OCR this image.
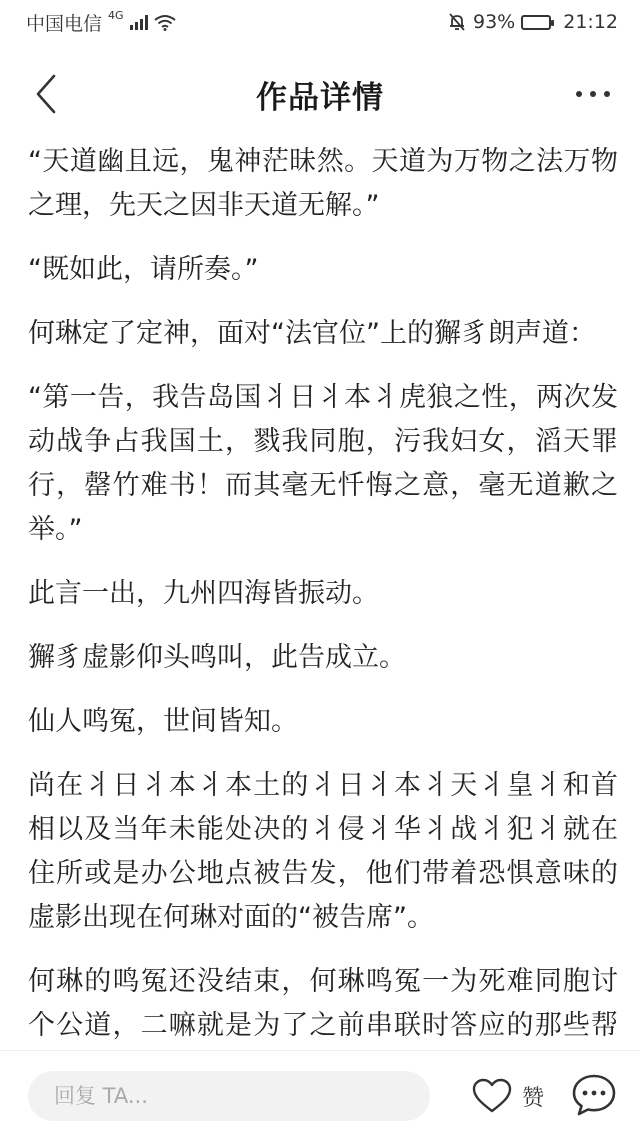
中国电信 4G	93%	21:12
作品详情

“天道幽且远，鬼神茫昧然。天道为万物之法万物之理，先天之因非天道无解。”

“既如此，请所奏。”

何琳定了定神，面对“法官位”上的獬豸朗声道：

“第一告，我告岛国丬日丬本丬虎狼之性，两次发动战争占我国土，戮我同胞，污我妇女，滔天罪行，罄竹难书！而其毫无忏悔之意，毫无道歉之举。”

此言一出，九州四海皆振动。

獬豸虚影仰头鸣叫，此告成立。

仙人鸣冤，世间皆知。

尚在丬日丬本丬本土的丬日丬本丬天丬皇丬和首相以及当年未能处决的丬侵丬华丬战丬犯丬就在住所或是办公地点被告发，他们带着恐惧意味的虚影出现在何琳对面的“被告席”。

何琳的鸣冤还没结束，何琳鸣冤一为死难同胞讨个公道，二嘛就是为了之前串联时答应的那些帮

回复 TA...
赞
